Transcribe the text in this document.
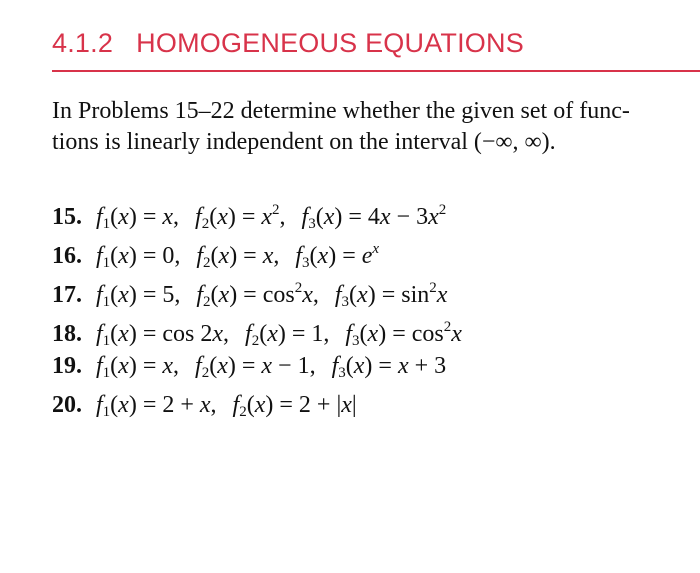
4.1.2 HOMOGENEOUS EQUATIONS
In Problems 15–22 determine whether the given set of func-
tions is linearly independent on the interval (−∞, ∞).
15. $f_1(x) = x$, $f_2(x) = x^2$, $f_3(x) = 4x - 3x^2$
16. $f_1(x) = 0$, $f_2(x) = x$, $f_3(x) = e^x$
17. $f_1(x) = 5$, $f_2(x) = \cos^2x$, $f_3(x) = \sin^2x$
18. $f_1(x) = \cos 2x$, $f_2(x) = 1$, $f_3(x) = \cos^2x$
19. $f_1(x) = x$, $f_2(x) = x - 1$, $f_3(x) = x + 3$
20. $f_1(x) = 2 + x$, $f_2(x) = 2 + |x|$
